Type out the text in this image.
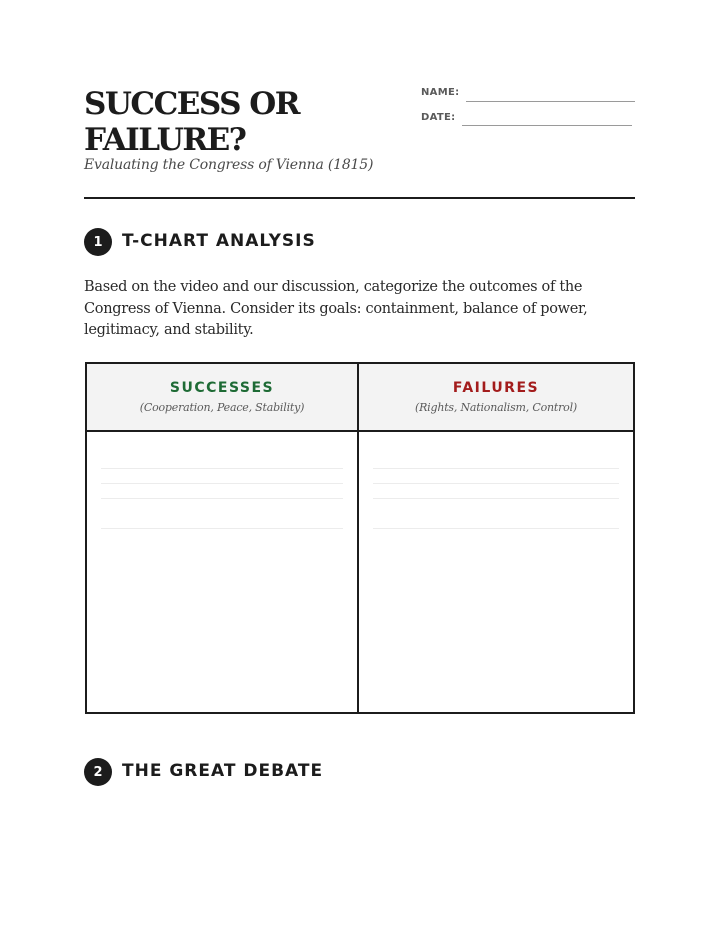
SUCCESS OR FAILURE?
Evaluating the Congress of Vienna (1815)
NAME:
DATE:
1	T-CHART ANALYSIS
Based on the video and our discussion, categorize the outcomes of the Congress of Vienna. Consider its goals: containment, balance of power, legitimacy, and stability.
SUCCESSES
(Cooperation, Peace, Stability)
FAILURES
(Rights, Nationalism, Control)
2	THE GREAT DEBATE
